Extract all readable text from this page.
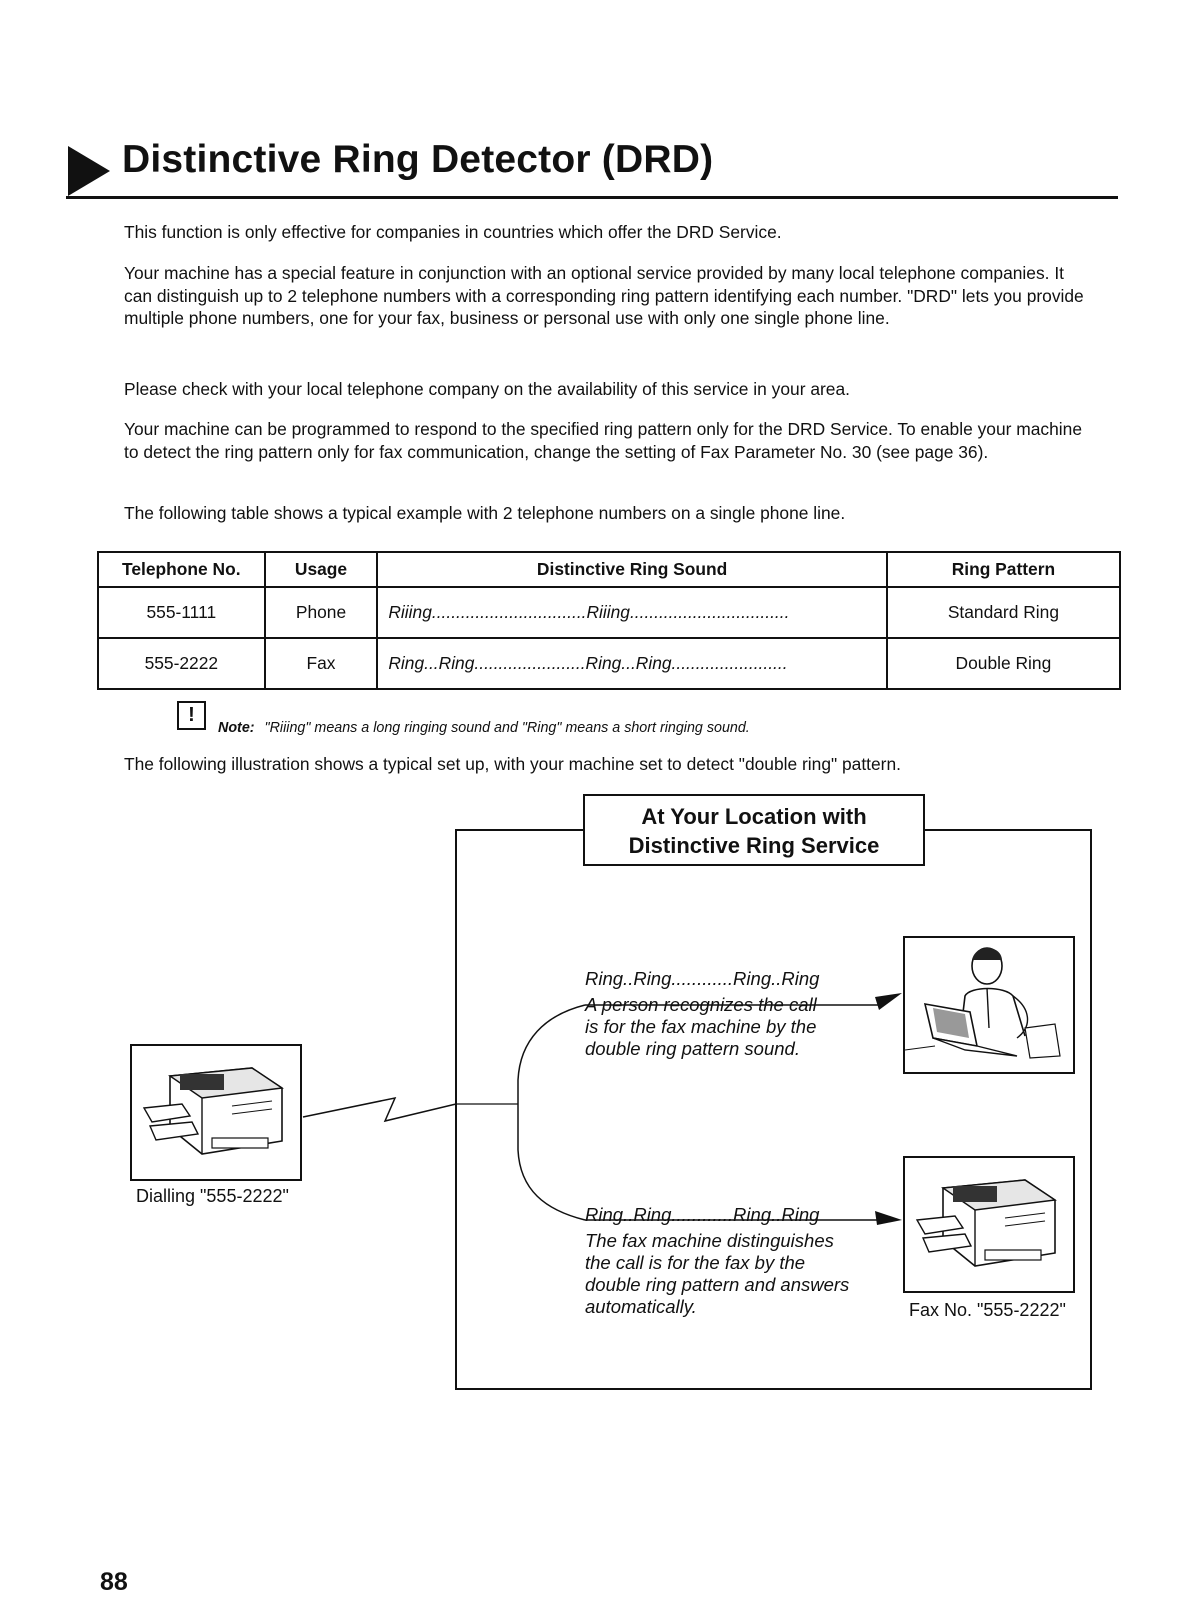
Distinctive Ring Detector (DRD)
This function is only effective for companies in countries which offer the DRD Service.
Your machine has a special feature in conjunction with an optional service provided by many local telephone companies. It can distinguish up to 2 telephone numbers with a corresponding ring pattern identifying each number. "DRD" lets you provide multiple phone numbers, one for your fax, business or personal use with only one single phone line.
Please check with your local telephone company on the availability of this service in your area.
Your machine can be programmed to respond to the specified ring pattern only for the DRD Service. To enable your machine to detect the ring pattern only for fax communication, change the setting of Fax Parameter No. 30 (see page 36).
The following table shows a typical example with 2 telephone numbers on a single phone line.
Telephone No.	Usage	Distinctive Ring Sound	Ring Pattern
555-1111	Phone	Riiing................................Riiing.................................	Standard Ring
555-2222	Fax	Ring...Ring.......................Ring...Ring........................	Double Ring
!
Note: "Riiing" means a long ringing sound and "Ring" means a short ringing sound.
The following illustration shows a typical set up, with your machine set to detect "double ring" pattern.
At Your Location with
Distinctive Ring Service
Dialling "555-2222"
Ring..Ring............Ring..Ring
A person recognizes the call
is for the fax machine by the
double ring pattern sound.
Ring..Ring............Ring..Ring
The fax machine distinguishes
the call is for the fax by the
double ring pattern and answers
automatically.	Fax No. "555-2222"
88
